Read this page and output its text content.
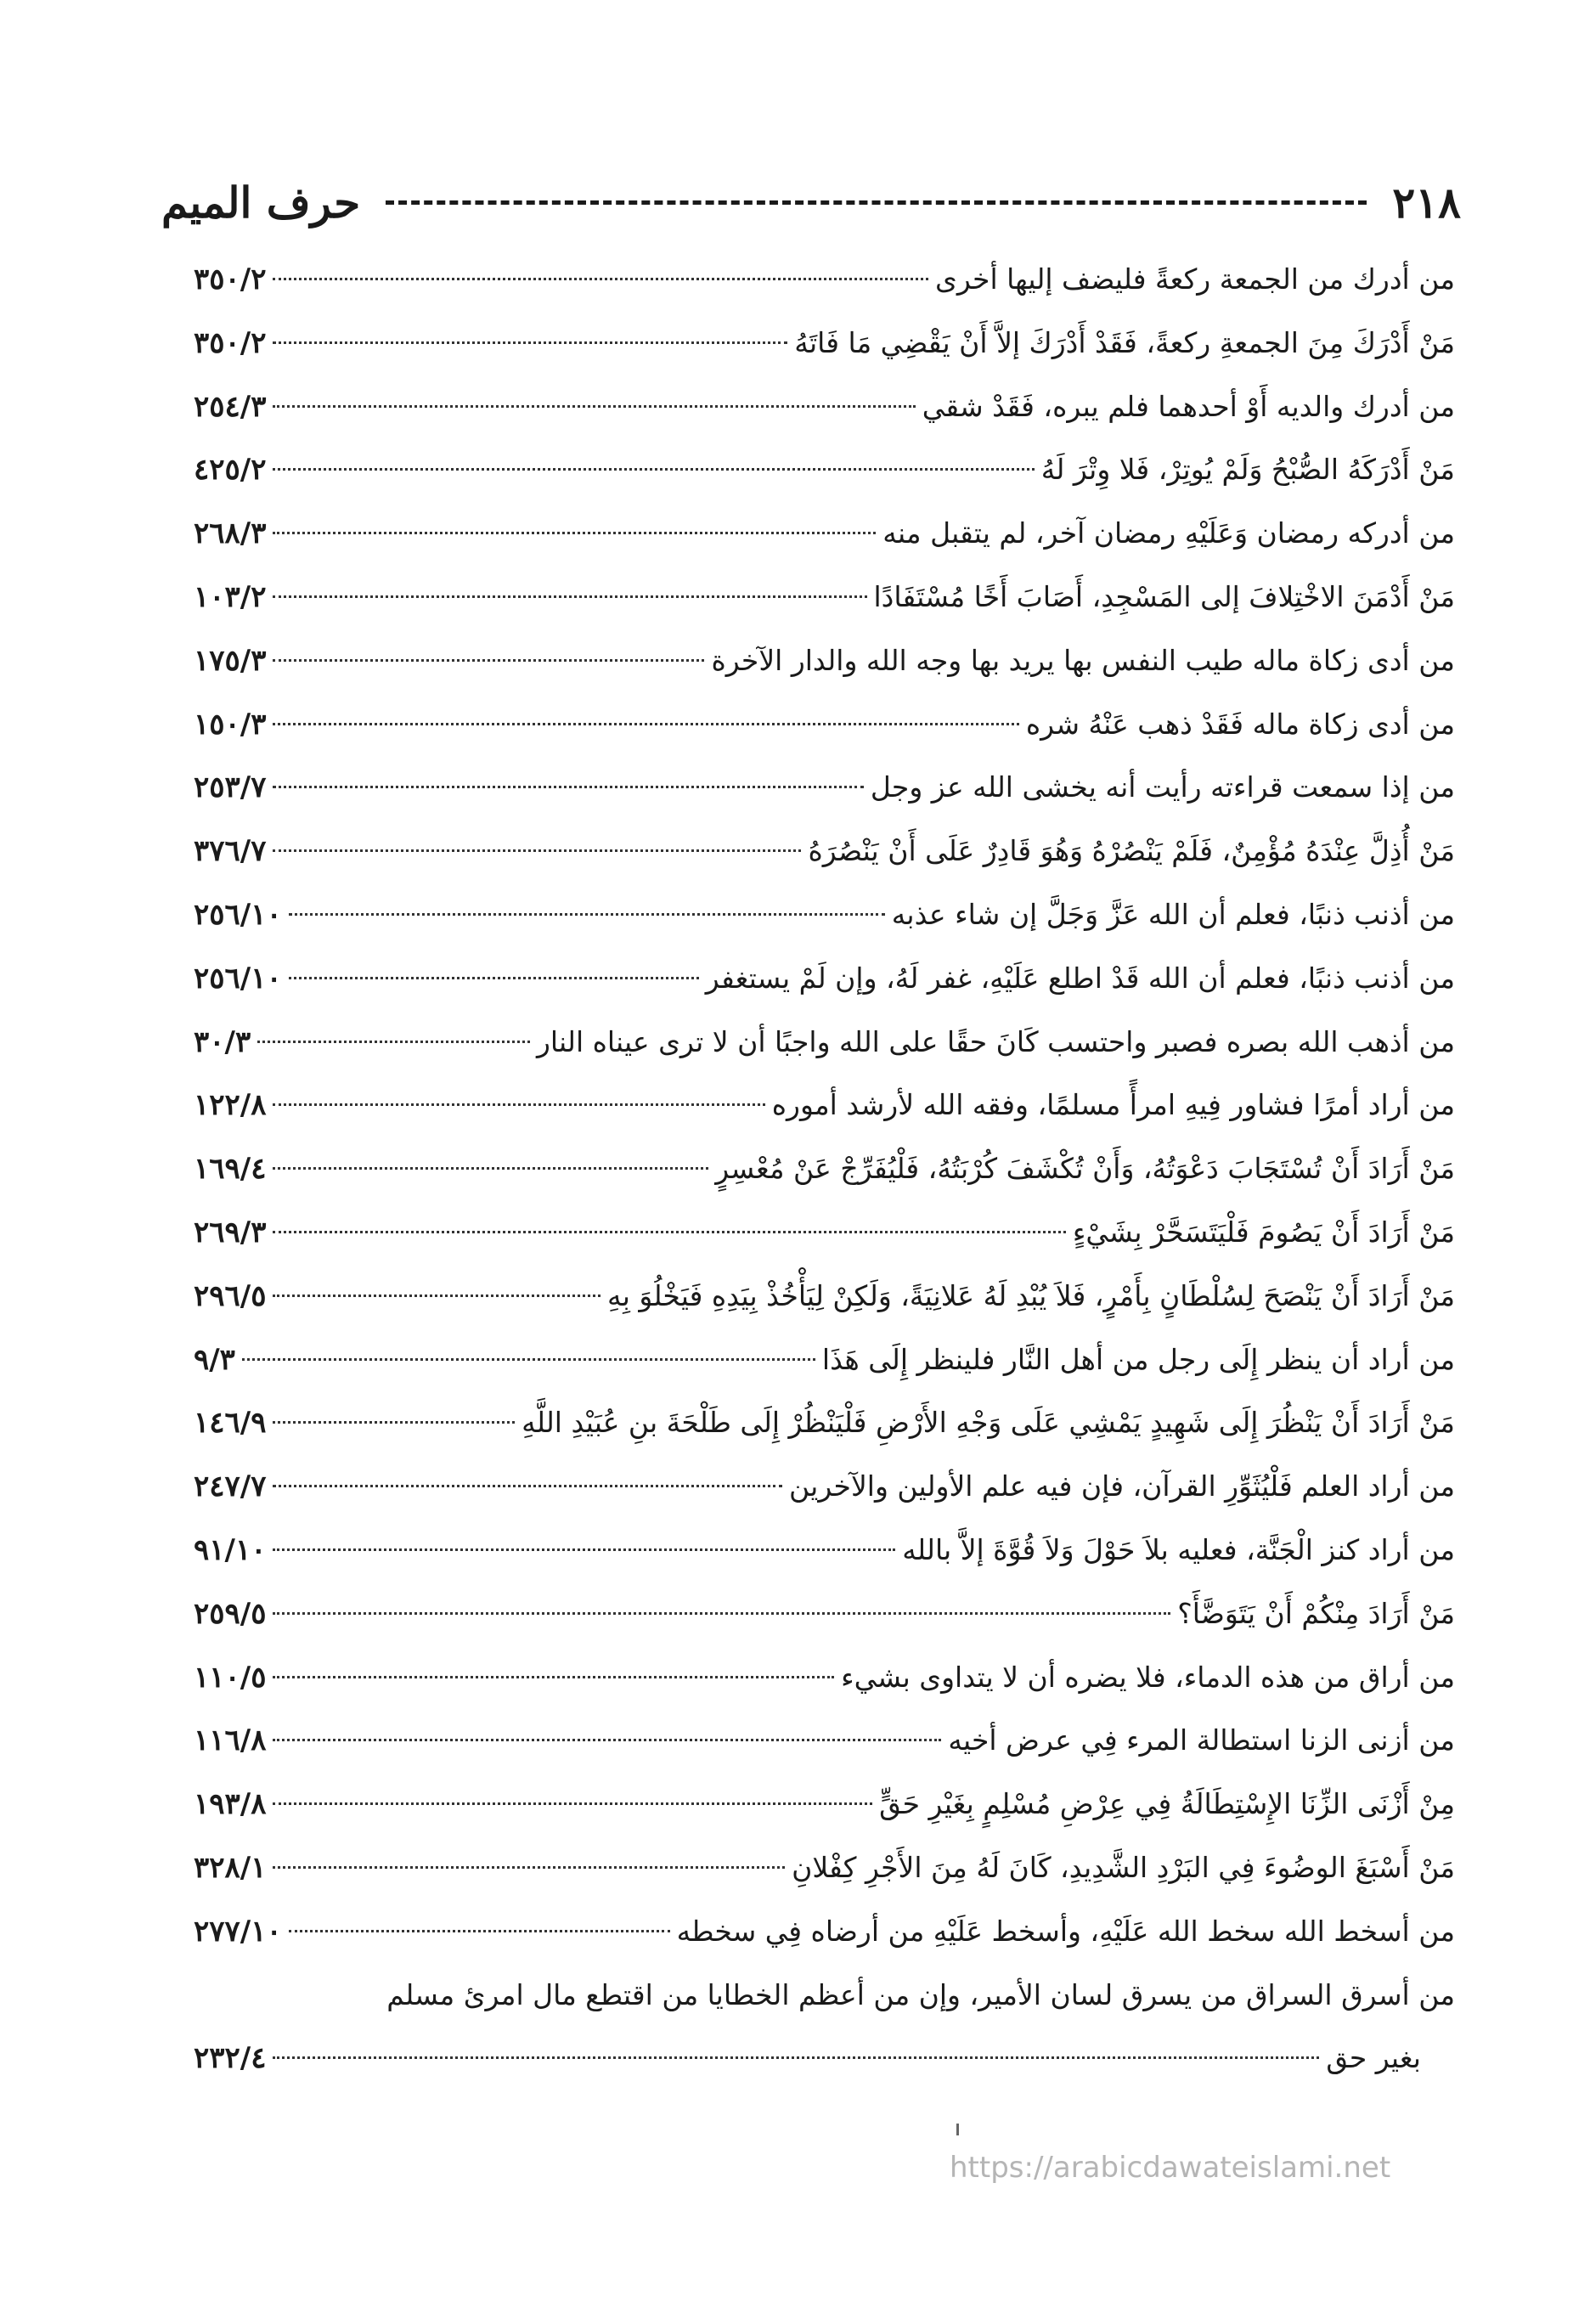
٢١٨
حرف الميم
من أدرك من الجمعة ركعةً فليضف إليها أخرى
٣٥٠/٢
مَنْ أَدْرَكَ مِنَ الجمعةِ ركعةً، فَقَدْ أَدْرَكَ إلاَّ أَنْ يَقْضِي مَا فَاتَهُ
٣٥٠/٢
من أدرك والديه أَوْ أحدهما فلم يبره، فَقَدْ شقي
٢٥٤/٣
مَنْ أَدْرَكَهُ الصُّبْحُ وَلَمْ يُوتِرْ، فَلا وِتْرَ لَهُ
٤٢٥/٢
من أدركه رمضان وَعَلَيْهِ رمضان آخر، لم يتقبل منه
٢٦٨/٣
مَنْ أَدْمَنَ الاخْتِلافَ إلى المَسْجِدِ، أَصَابَ أَخًا مُسْتَفَادًا
١٠٣/٢
من أدى زكاة ماله طيب النفس بها يريد بها وجه الله والدار الآخرة
١٧٥/٣
من أدى زكاة ماله فَقَدْ ذهب عَنْهُ شره
١٥٠/٣
من إذا سمعت قراءته رأيت أنه يخشى الله عز وجل
٢٥٣/٧
مَنْ أُذِلَّ عِنْدَهُ مُؤْمِنٌ، فَلَمْ يَنْصُرْهُ وَهُوَ قَادِرٌ عَلَى أَنْ يَنْصُرَهُ
٣٧٦/٧
من أذنب ذنبًا، فعلم أن الله عَزَّ وَجَلَّ إن شاء عذبه
٢٥٦/١٠
من أذنب ذنبًا، فعلم أن الله قَدْ اطلع عَلَيْهِ، غفر لَهُ، وإن لَمْ يستغفر
٢٥٦/١٠
من أذهب الله بصره فصبر واحتسب كَانَ حقًا على الله واجبًا أن لا ترى عيناه النار
٣٠/٣
من أراد أمرًا فشاور فِيهِ امرأً مسلمًا، وفقه الله لأرشد أموره
١٢٢/٨
مَنْ أَرَادَ أَنْ تُسْتَجَابَ دَعْوَتُهُ، وَأَنْ تُكْشَفَ كُرْبَتُهُ، فَلْيُفَرِّجْ عَنْ مُعْسِرٍ
١٦٩/٤
مَنْ أَرَادَ أَنْ يَصُومَ فَلْيَتَسَحَّرْ بِشَيْءٍ
٢٦٩/٣
مَنْ أَرَادَ أَنْ يَنْصَحَ لِسُلْطَانٍ بِأَمْرٍ، فَلاَ يُبْدِ لَهُ عَلانِيَةً، وَلَكِنْ لِيَأْخُذْ بِيَدِهِ فَيَخْلُوَ بِهِ
٢٩٦/٥
من أراد أن ينظر إِلَى رجل من أهل النَّار فلينظر إِلَى هَذَا
٩/٣
مَنْ أَرَادَ أَنْ يَنْظُرَ إِلَى شَهِيدٍ يَمْشِي عَلَى وَجْهِ الأَرْضِ فَلْيَنْظُرْ إِلَى طَلْحَةَ بنِ عُبَيْدِ اللَّهِ
١٤٦/٩
من أراد العلم فَلْيُثَوِّرِ القرآن، فإن فيه علم الأولين والآخرين
٢٤٧/٧
من أراد كنز الْجَنَّة، فعليه بلاَ حَوْلَ وَلاَ قُوَّةَ إلاَّ بالله
٩١/١٠
مَنْ أَرَادَ مِنْكُمْ أَنْ يَتَوَضَّأَ؟
٢٥٩/٥
من أراق من هذه الدماء، فلا يضره أن لا يتداوى بشيء
١١٠/٥
من أزنى الزنا استطالة المرء فِي عرض أخيه
١١٦/٨
مِنْ أَزْنَى الزِّنَا الإِسْتِطَالَةُ فِي عِرْضِ مُسْلِمٍ بِغَيْرِ حَقٍّ
١٩٣/٨
مَنْ أَسْبَغَ الوضُوءَ فِي البَرْدِ الشَّدِيدِ، كَانَ لَهُ مِنَ الأَجْرِ كِفْلانِ
٣٢٨/١
من أسخط الله سخط الله عَلَيْهِ، وأسخط عَلَيْهِ من أرضاه فِي سخطه
٢٧٧/١٠
من أسرق السراق من يسرق لسان الأمير، وإن من أعظم الخطايا من اقتطع مال امرئ مسلم
بغير حق
٢٣٢/٤
https://arabicdawateislami.net
